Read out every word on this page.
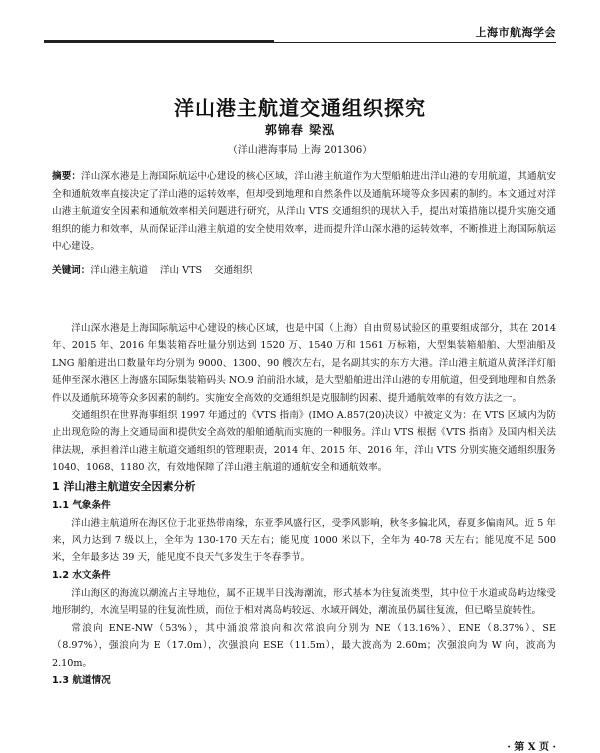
上海市航海学会
洋山港主航道交通组织探究
郭锦春 梁泓
（洋山港海事局 上海 201306）
摘要：洋山深水港是上海国际航运中心建设的核心区域，洋山港主航道作为大型船舶进出洋山港的专用航道，其通航安全和通航效率直接决定了洋山港的运转效率，但却受到地理和自然条件以及通航环境等众多因素的制约。本文通过对洋山港主航道安全因素和通航效率相关问题进行研究，从洋山 VTS 交通组织的现状入手，提出对策措施以提升实施交通组织的能力和效率，从而保证洋山港主航道的安全使用效率，进而提升洋山深水港的运转效率，不断推进上海国际航运中心建设。
关键词：洋山港主航道 洋山 VTS 交通组织

洋山深水港是上海国际航运中心建设的核心区域，也是中国（上海）自由贸易试验区的重要组成部分，其在 2014 年、2015 年、2016 年集装箱吞吐量分别达到 1520 万、1540 万和 1561 万标箱，大型集装箱船舶、大型油船及 LNG 船舶进出口数量年均分别为 9000、1300、90 艘次左右，是名副其实的东方大港。洋山港主航道从黄泽洋灯船延伸至深水港区上海盛东国际集装箱码头 NO.9 泊前沿水域，是大型船舶进出洋山港的专用航道，但受到地理和自然条件以及通航环境等众多因素的制约。实施安全高效的交通组织是克服制约因素、提升通航效率的有效方法之一。

交通组织在世界海事组织 1997 年通过的《VTS 指南》(IMO A.857(20)决议）中被定义为：在 VTS 区域内为防止出现危险的海上交通局面和提供安全高效的船舶通航而实施的一种服务。洋山 VTS 根据《VTS 指南》及国内相关法律法规，承担着洋山港主航道交通组织的管理职责，2014 年、2015 年、2016 年，洋山 VTS 分别实施交通组织服务 1040、1068、1180 次，有效地保障了洋山港主航道的通航安全和通航效率。

1 洋山港主航道安全因素分析

1.1 气象条件

洋山港主航道所在海区位于北亚热带南缘，东亚季风盛行区，受季风影响，秋冬多偏北风，春夏多偏南风。近 5 年来，风力达到 7 级以上，全年为 130-170 天左右；能见度 1000 米以下，全年为 40-78 天左右；能见度不足 500 米，全年最多达 39 天，能见度不良天气多发生于冬春季节。

1.2 水文条件

洋山海区的海流以潮流占主导地位，属不正规半日浅海潮流，形式基本为往复流类型，其中位于水道或岛屿边缘受地形制约，水流呈明显的往复流性质，而位于相对离岛屿较远、水域开阔处，潮流虽仍属往复流，但已略呈旋转性。

常浪向 ENE-NW（53%），其中涌浪常浪向和次常浪向分别为 NE（13.16%）、ENE（8.37%）、SE（8.97%），强浪向为 E（17.0m），次强浪向 ESE（11.5m），最大波高为 2.60m；次强浪向为 W 向，波高为 2.10m。

1.3 航道情况

· 第 X 页 ·
